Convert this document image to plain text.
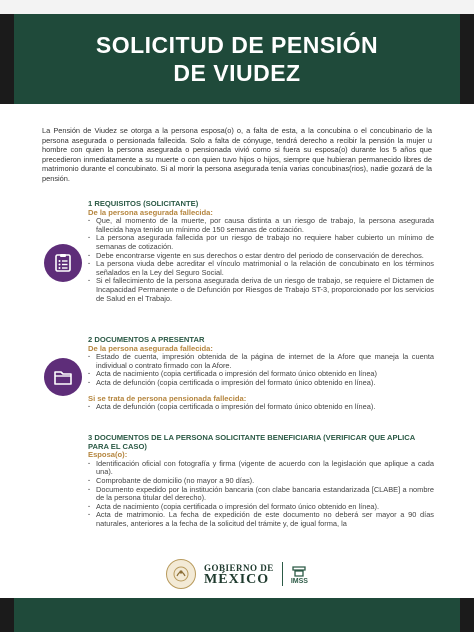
SOLICITUD DE PENSIÓN
DE VIUDEZ
La Pensión de Viudez se otorga a la persona esposa(o) o, a falta de esta, a la concubina o el concubinario de la persona asegurada o pensionada fallecida. Solo a falta de cónyuge, tendrá derecho a recibir la pensión la mujer u hombre con quien la persona asegurada o pensionada vivió como si fuera su esposa(o) durante los 5 años que precedieron inmediatamente a su muerte o con quien tuvo hijos o hijos, siempre que hubieran permanecido libres de matrimonio durante el concubinato. Si al morir la persona asegurada tenía varias concubinas(rios), nadie gozará de la pensión.
1 REQUISITOS (SOLICITANTE)
De la persona asegurada fallecida:
· Que, al momento de la muerte, por causa distinta a un riesgo de trabajo, la persona asegurada fallecida haya tenido un mínimo de 150 semanas de cotización.
· La persona asegurada fallecida por un riesgo de trabajo no requiere haber cubierto un mínimo de semanas de cotización.
· Debe encontrarse vigente en sus derechos o estar dentro del periodo de conservación de derechos.
· La persona viuda debe acreditar el vínculo matrimonial o la relación de concubinato en los términos señalados en la Ley del Seguro Social.
· Si el fallecimiento de la persona asegurada deriva de un riesgo de trabajo, se requiere el Dictamen de Incapacidad Permanente o de Defunción por Riesgos de Trabajo ST-3, proporcionado por los servicios de Salud en el Trabajo.
2 DOCUMENTOS A PRESENTAR
De la persona asegurada fallecida:
· Estado de cuenta, impresión obtenida de la página de internet de la Afore que maneja la cuenta individual o contrato firmado con la Afore.
· Acta de nacimiento (copia certificada o impresión del formato único obtenido en línea)
· Acta de defunción (copia certificada o impresión del formato único obtenido en línea).
Si se trata de persona pensionada fallecida:
· Acta de defunción (copia certificada o impresión del formato único obtenido en línea).
3 DOCUMENTOS DE LA PERSONA SOLICITANTE BENEFICIARIA (VERIFICAR QUE APLICA PARA EL CASO)
Esposa(o):
· Identificación oficial con fotografía y firma (vigente de acuerdo con la legislación que aplique a cada una).
· Comprobante de domicilio (no mayor a 90 días).
· Documento expedido por la institución bancaria (con clabe bancaria estandarizada [CLABE] a nombre de la persona titular del derecho).
· Acta de nacimiento (copia certificada o impresión del formato único obtenido en línea).
· Acta de matrimonio. La fecha de expedición de este documento no deberá ser mayor a 90 días naturales, anteriores a la fecha de la solicitud del trámite y, de igual forma, la
GOBIERNO DE
MÉXICO	IMSS
